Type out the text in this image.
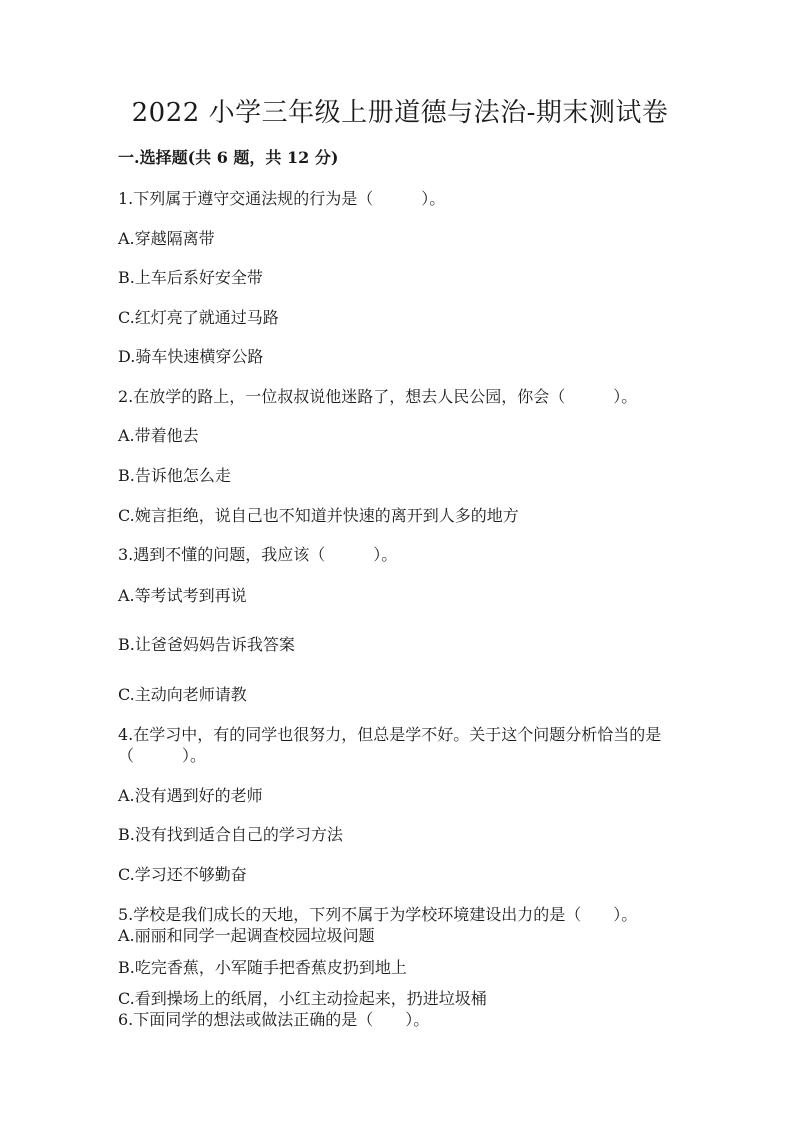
2022 小学三年级上册道德与法治-期末测试卷
一.选择题(共 6 题，共 12 分)
1.下列属于遵守交通法规的行为是（　　　）。
A.穿越隔离带
B.上车后系好安全带
C.红灯亮了就通过马路
D.骑车快速横穿公路
2.在放学的路上，一位叔叔说他迷路了，想去人民公园，你会（　　　）。
A.带着他去
B.告诉他怎么走
C.婉言拒绝，说自己也不知道并快速的离开到人多的地方
3.遇到不懂的问题，我应该（　　　）。
A.等考试考到再说
B.让爸爸妈妈告诉我答案
C.主动向老师请教
4.在学习中，有的同学也很努力，但总是学不好。关于这个问题分析恰当的是
（　　　）。
A.没有遇到好的老师
B.没有找到适合自己的学习方法
C.学习还不够勤奋
5.学校是我们成长的天地，下列不属于为学校环境建设出力的是（　　）。
A.丽丽和同学一起调查校园垃圾问题
B.吃完香蕉，小军随手把香蕉皮扔到地上
C.看到操场上的纸屑，小红主动捡起来，扔进垃圾桶
6.下面同学的想法或做法正确的是（　　）。
